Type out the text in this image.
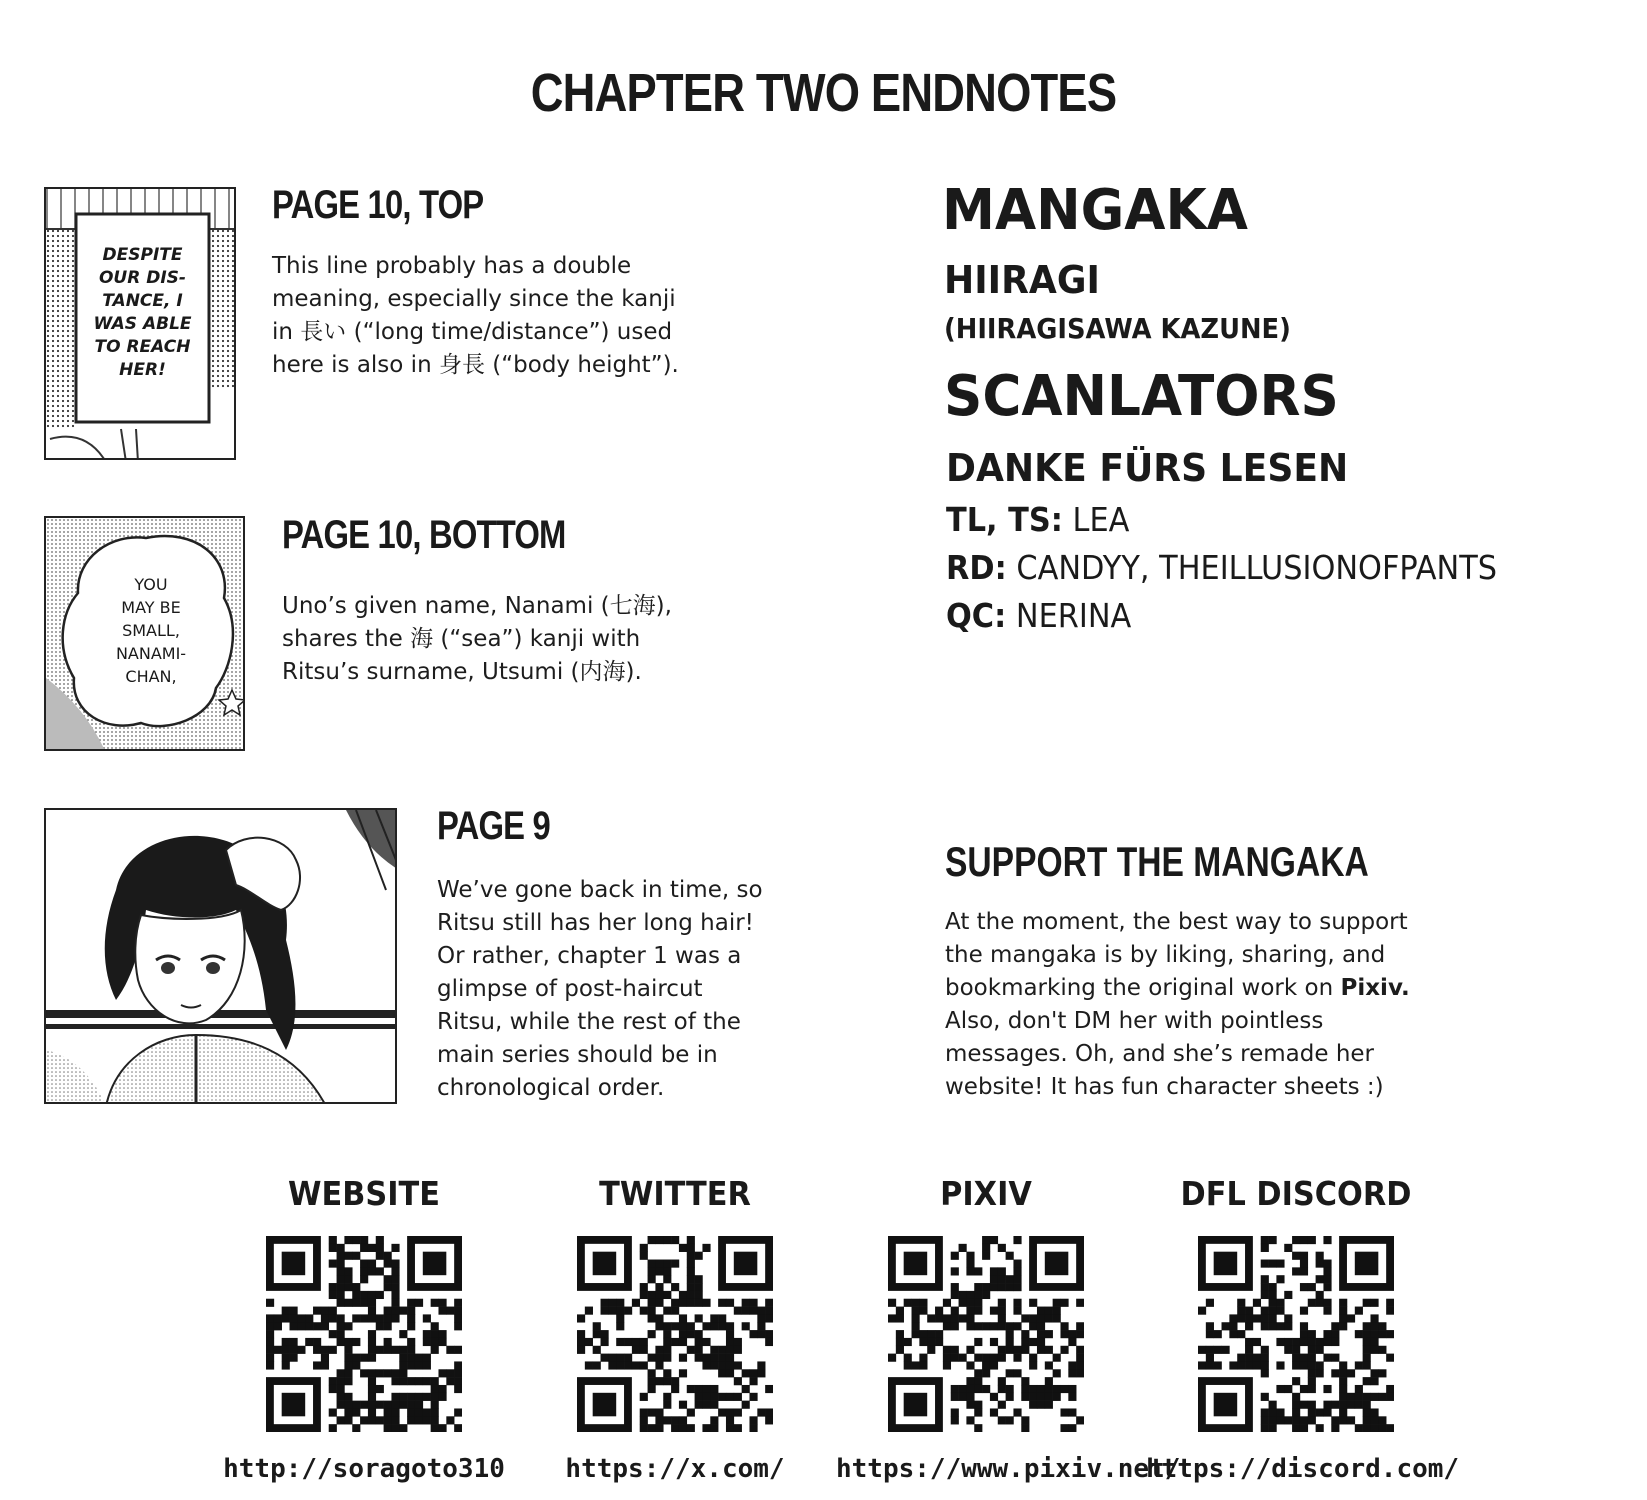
CHAPTER TWO ENDNOTES
DESPITE
OUR DIS-
TANCE, I
WAS ABLE
TO REACH
HER!
PAGE 10, TOP
This line probably has a double
meaning, especially since the kanji
in 長い (“long time/distance”) used
here is also in 身長 (“body height”).
YOU
MAY BE
SMALL,
NANAMI-
CHAN,
PAGE 10, BOTTOM
Uno’s given name, Nanami (七海),
shares the 海 (“sea”) kanji with
Ritsu’s surname, Utsumi (内海).
PAGE 9
We’ve gone back in time, so
Ritsu still has her long hair!
Or rather, chapter 1 was a
glimpse of post-haircut
Ritsu, while the rest of the
main series should be in
chronological order.
MANGAKA
HIIRAGI
(HIIRAGISAWA KAZUNE)
SCANLATORS
DANKE FÜRS LESEN
TL, TS: LEA
RD: CANDYY, THEILLUSIONOFPANTS
QC: NERINA
SUPPORT THE MANGAKA
At the moment, the best way to support
the mangaka is by liking, sharing, and
bookmarking the original work on Pixiv.
Also, don't DM her with pointless
messages. Oh, and she’s remade her
website! It has fun character sheets :)
WEBSITE
http://soragoto310
TWITTER
https://x.com/
PIXIV
https://www.pixiv.net/
DFL DISCORD
https://discord.com/
